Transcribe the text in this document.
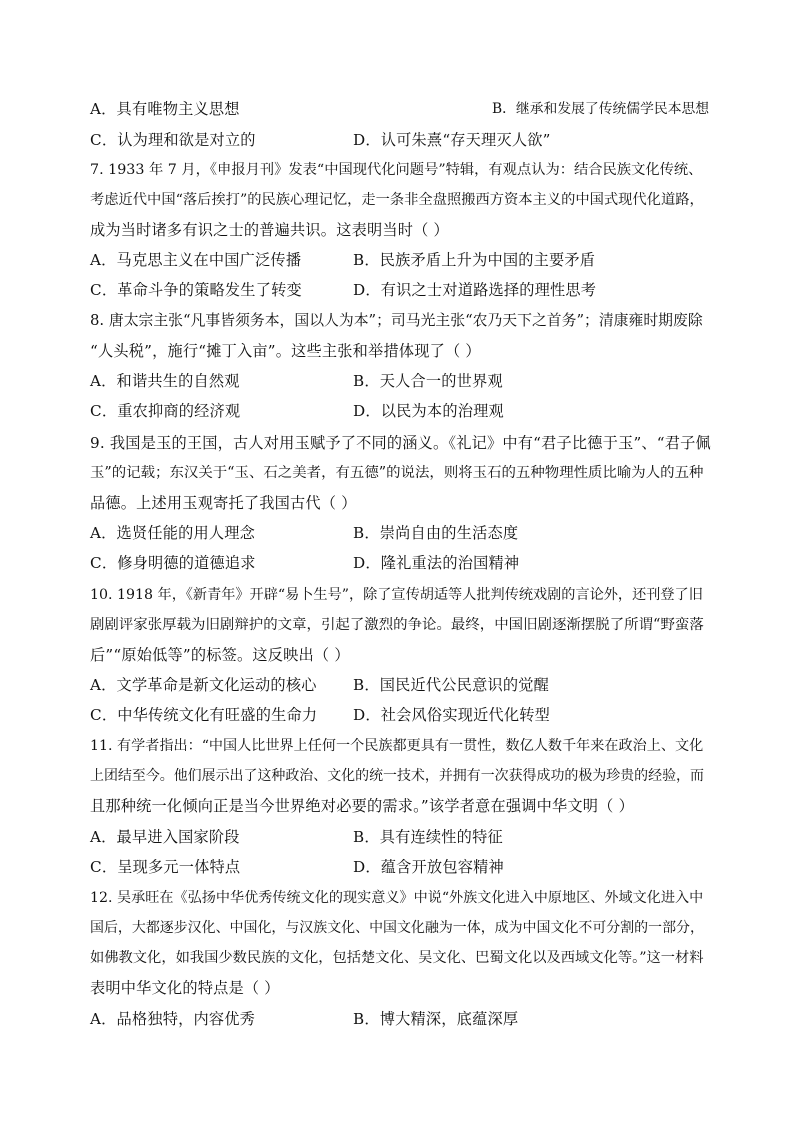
A．具有唯物主义思想	B．继承和发展了传统儒学民本思想
C．认为理和欲是对立的	D．认可朱熹“存天理灭人欲”
7. 1933 年 7 月，《申报月刊》发表“中国现代化问题号”特辑，有观点认为：结合民族文化传统、
考虑近代中国“落后挨打”的民族心理记忆，走一条非全盘照搬西方资本主义的中国式现代化道路，
成为当时诸多有识之士的普遍共识。这表明当时（ ）
A．马克思主义在中国广泛传播	B．民族矛盾上升为中国的主要矛盾
C．革命斗争的策略发生了转变	D．有识之士对道路选择的理性思考
8. 唐太宗主张“凡事皆须务本，国以人为本”；司马光主张“农乃天下之首务”；清康雍时期废除
“人头税”，施行“摊丁入亩”。这些主张和举措体现了（ ）
A．和谐共生的自然观	B．天人合一的世界观
C．重农抑商的经济观	D．以民为本的治理观
9. 我国是玉的王国，古人对用玉赋予了不同的涵义。《礼记》中有“君子比德于玉”、“君子佩
玉”的记载；东汉关于“玉、石之美者，有五德”的说法，则将玉石的五种物理性质比喻为人的五种
品德。上述用玉观寄托了我国古代（ ）
A．选贤任能的用人理念	B．崇尚自由的生活态度
C．修身明德的道德追求	D．隆礼重法的治国精神
10. 1918 年，《新青年》开辟“易卜生号”，除了宣传胡适等人批判传统戏剧的言论外，还刊登了旧
剧剧评家张厚载为旧剧辩护的文章，引起了激烈的争论。最终，中国旧剧逐渐摆脱了所谓“野蛮落
后”“原始低等”的标签。这反映出（ ）
A．文学革命是新文化运动的核心 B．国民近代公民意识的觉醒
C．中华传统文化有旺盛的生命力 D．社会风俗实现近代化转型
11. 有学者指出：“中国人比世界上任何一个民族都更具有一贯性，数亿人数千年来在政治上、文化
上团结至今。他们展示出了这种政治、文化的统一技术，并拥有一次获得成功的极为珍贵的经验，而
且那种统一化倾向正是当今世界绝对必要的需求。”该学者意在强调中华文明（ ）
A．最早进入国家阶段	B．具有连续性的特征
C．呈现多元一体特点	D．蕴含开放包容精神
12. 吴承旺在《弘扬中华优秀传统文化的现实意义》中说“外族文化进入中原地区、外域文化进入中
国后，大都逐步汉化、中国化，与汉族文化、中国文化融为一体，成为中国文化不可分割的一部分，
如佛教文化，如我国少数民族的文化，包括楚文化、吴文化、巴蜀文化以及西域文化等。”这一材料
表明中华文化的特点是（ ）
A．品格独特，内容优秀	B．博大精深，底蕴深厚
